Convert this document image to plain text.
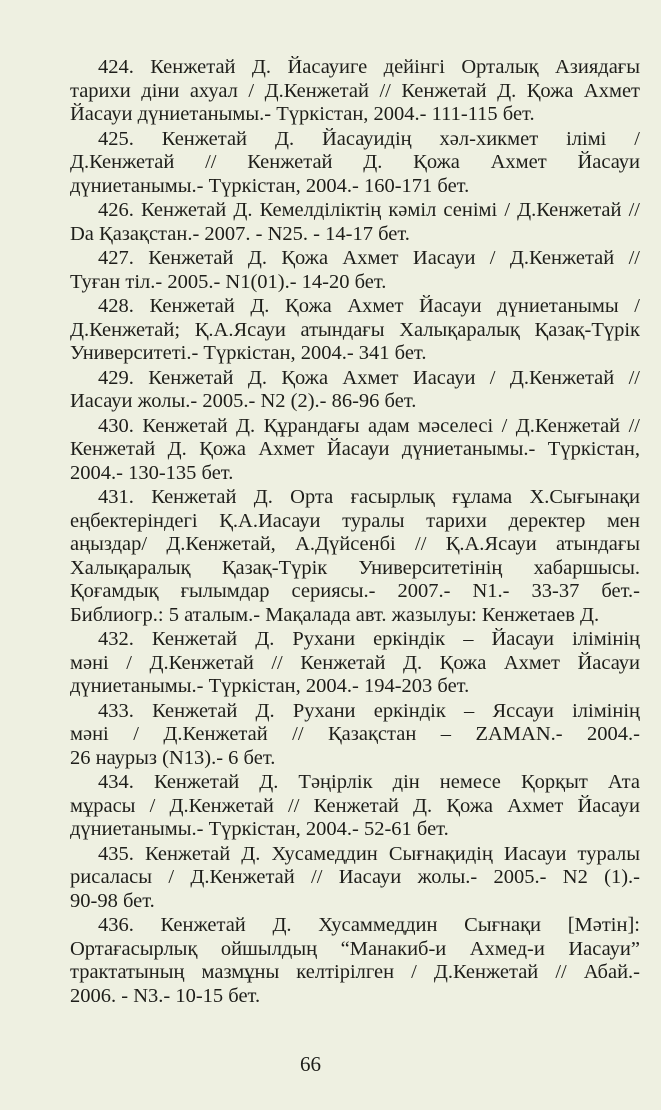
424. Кенжетай Д. Йасауиге дейінгі Орталық Азиядағы
тарихи діни ахуал / Д.Кенжетай // Кенжетай Д. Қожа Ахмет
Йасауи дүниетанымы.- Түркістан, 2004.- 111-115 бет.
425. Кенжетай Д. Йасауидің хәл-хикмет ілімі /
Д.Кенжетай // Кенжетай Д. Қожа Ахмет Йасауи
дүниетанымы.- Түркістан, 2004.- 160-171 бет.
426. Кенжетай Д. Кемелділіктің кәміл сенімі / Д.Кенжетай //
Da Қазақстан.- 2007. - N25. - 14-17 бет.
427. Кенжетай Д. Қожа Ахмет Иасауи / Д.Кенжетай //
Туған тіл.- 2005.- N1(01).- 14-20 бет.
428. Кенжетай Д. Қожа Ахмет Йасауи дүниетанымы /
Д.Кенжетай; Қ.А.Ясауи атындағы Халықаралық Қазақ-Түрік
Университеті.- Түркістан, 2004.- 341 бет.
429. Кенжетай Д. Қожа Ахмет Иасауи / Д.Кенжетай //
Иасауи жолы.- 2005.- N2 (2).- 86-96 бет.
430. Кенжетай Д. Құрандағы адам мәселесі / Д.Кенжетай //
Кенжетай Д. Қожа Ахмет Йасауи дүниетанымы.- Түркістан,
2004.- 130-135 бет.
431. Кенжетай Д. Орта ғасырлық ғұлама Х.Сығынақи
еңбектеріндегі Қ.А.Иасауи туралы тарихи деректер мен
аңыздар/ Д.Кенжетай, А.Дүйсенбі // Қ.А.Ясауи атындағы
Халықаралық Қазақ-Түрік Университетінің хабаршысы.
Қоғамдық ғылымдар сериясы.- 2007.- N1.- 33-37 бет.-
Библиогр.: 5 аталым.- Мақалада авт. жазылуы: Кенжетаев Д.
432. Кенжетай Д. Рухани еркіндік – Йасауи ілімінің
мәні / Д.Кенжетай // Кенжетай Д. Қожа Ахмет Йасауи
дүниетанымы.- Түркістан, 2004.- 194-203 бет.
433. Кенжетай Д. Рухани еркіндік – Яссауи ілімінің
мәні / Д.Кенжетай // Қазақстан – ZAMAN.- 2004.-
26 наурыз (N13).- 6 бет.
434. Кенжетай Д. Тәңірлік дін немесе Қорқыт Ата
мұрасы / Д.Кенжетай // Кенжетай Д. Қожа Ахмет Йасауи
дүниетанымы.- Түркістан, 2004.- 52-61 бет.
435. Кенжетай Д. Хусамеддин Сығнақидің Иасауи туралы
рисаласы / Д.Кенжетай // Иасауи жолы.- 2005.- N2 (1).-
90-98 бет.
436. Кенжетай Д. Хусаммеддин Сығнақи [Мәтін]:
Ортағасырлық ойшылдың “Манакиб-и Ахмед-и Иасауи”
трактатының мазмұны келтірілген / Д.Кенжетай // Абай.-
2006. - N3.- 10-15 бет.
66
